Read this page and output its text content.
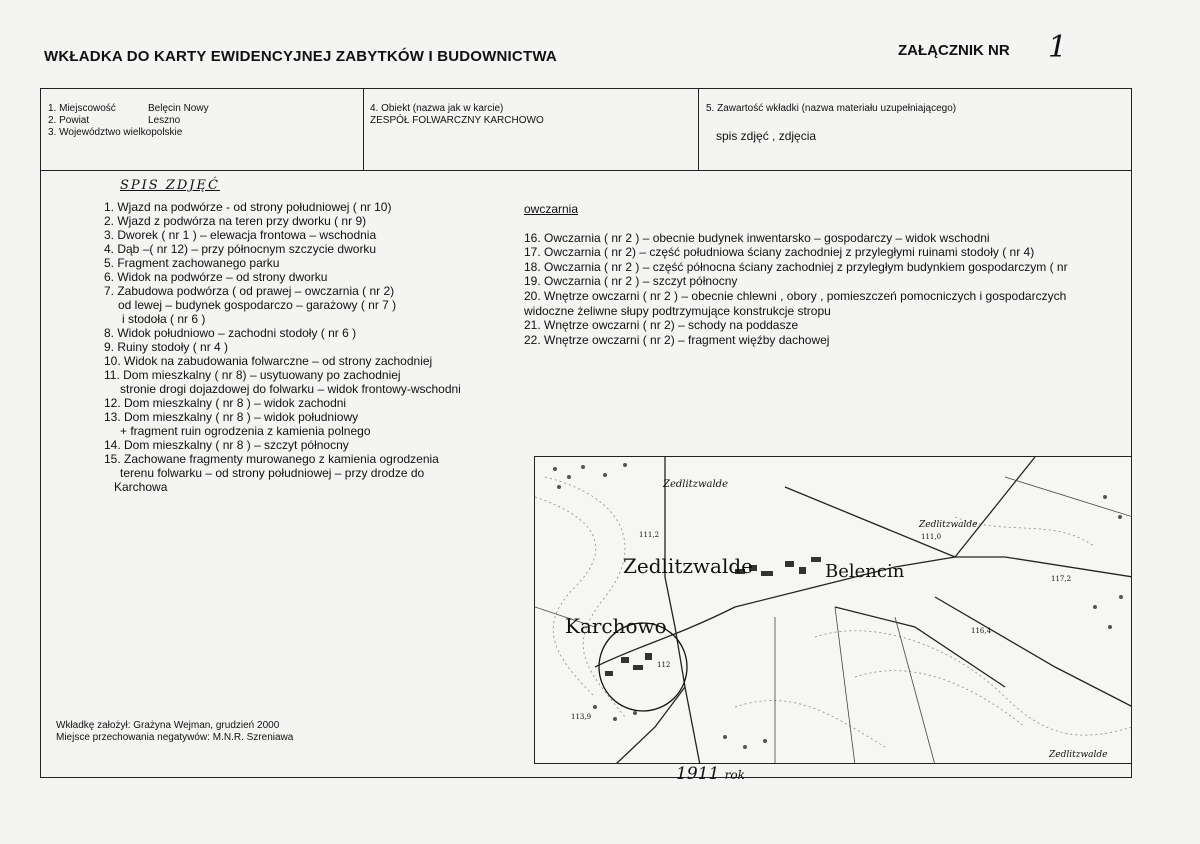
WKŁADKA DO KARTY EWIDENCYJNEJ ZABYTKÓW I BUDOWNICTWA	ZAŁĄCZNIK NR 1
1. Miejscowość	Belęcin Nowy
2. Powiat	Leszno
3. Województwo wielkopolskie
4. Obiekt (nazwa jak w karcie)
ZESPÓŁ FOLWARCZNY KARCHOWO
5. Zawartość wkładki (nazwa materiału uzupełniającego)
spis zdjęć , zdjęcia
SPIS ZDJĘĆ
1. Wjazd na podwórze - od strony południowej ( nr 10)
2. Wjazd z podwórza na teren przy dworku ( nr 9)
3. Dworek ( nr 1 ) – elewacja frontowa – wschodnia
4. Dąb –( nr 12) – przy północnym szczycie dworku
5. Fragment zachowanego parku
6. Widok na podwórze – od strony dworku
7. Zabudowa podwórza ( od prawej – owczarnia ( nr 2)
od lewej – budynek gospodarczo – garażowy ( nr 7 )
i stodoła ( nr 6 )
8. Widok południowo – zachodni stodoły ( nr 6 )
9. Ruiny stodoły ( nr 4 )
10. Widok na zabudowania folwarczne – od strony zachodniej
11. Dom mieszkalny ( nr 8) – usytuowany po zachodniej
stronie drogi dojazdowej do folwarku – widok frontowy-wschodni
12. Dom mieszkalny ( nr 8 ) – widok zachodni
13. Dom mieszkalny ( nr 8 ) – widok południowy
+ fragment ruin ogrodzenia z kamienia polnego
14. Dom mieszkalny ( nr 8 ) – szczyt północny
15. Zachowane fragmenty murowanego z kamienia ogrodzenia
terenu folwarku – od strony południowej – przy drodze do
Karchowa
owczarnia
16. Owczarnia ( nr 2 ) – obecnie budynek inwentarsko – gospodarczy – widok wschodni
17. Owczarnia ( nr 2) – część południowa ściany zachodniej z przyległymi ruinami stodoły ( nr 4)
18. Owczarnia ( nr 2 ) – część północna ściany zachodniej z przyległym budynkiem gospodarczym ( nr
19. Owczarnia ( nr 2 ) – szczyt północny
20. Wnętrze owczarni ( nr 2 ) – obecnie chlewni , obory , pomieszczeń pomocniczych i gospodarczych
widoczne żeliwne słupy podtrzymujące konstrukcje stropu
21. Wnętrze owczarni ( nr 2) – schody na poddasze
22. Wnętrze owczarni ( nr 2) – fragment więźby dachowej
Wkładkę założył: Grażyna Wejman, grudzień 2000
Miejsce przechowania negatywów: M.N.R. Szreniawa
Zedlitzwalde
Zedlitzwalde
Zedlitzwalde	Belencin
Karchowo
Zedlitzwalde
111,2	111,0
117,2
116,4
113,9
112
1911 rok
